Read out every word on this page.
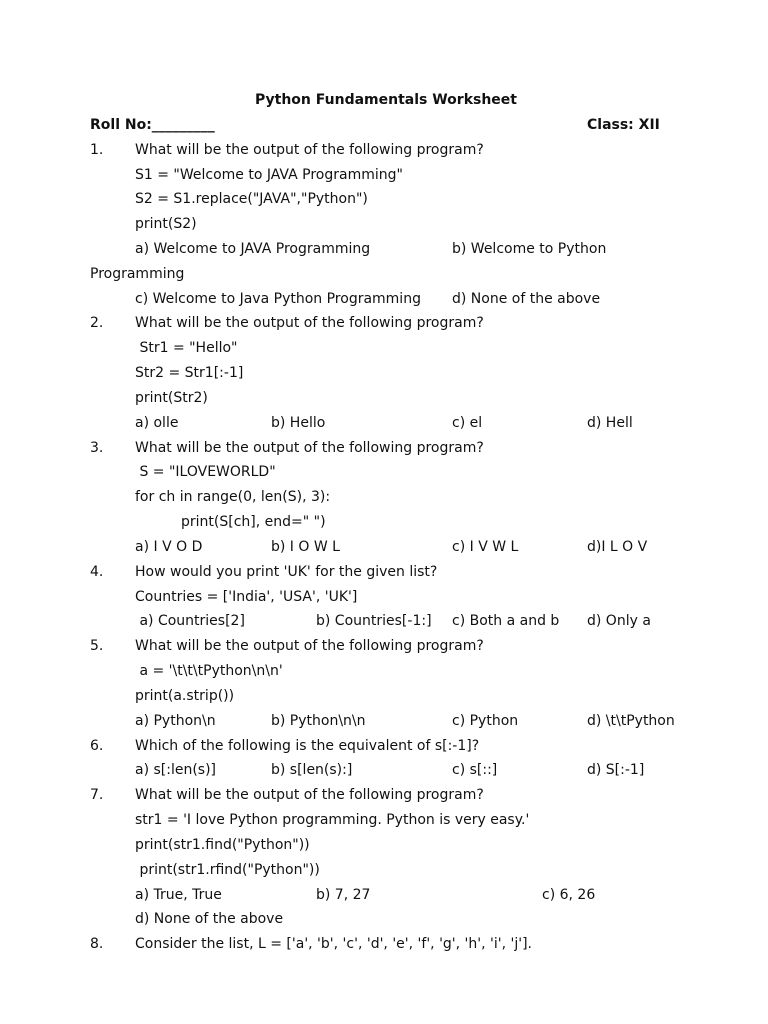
Python Fundamentals Worksheet
Roll No:_________	Class: XII
1. What will be the output of the following program?
S1 = "Welcome to JAVA Programming"
S2 = S1.replace("JAVA","Python")
print(S2)
a) Welcome to JAVA Programming	b) Welcome to Python
Programming
c) Welcome to Java Python Programming d) None of the above
2. What will be the output of the following program?
Str1 = "Hello"
Str2 = Str1[:-1]
print(Str2)
a) olle	b) Hello	c) el	d) Hell
3. What will be the output of the following program?
S = "ILOVEWORLD"
for ch in range(0, len(S), 3):
print(S[ch], end=" ")
a) I V O D	b) I O W L	c) I V W L	d)I L O V
4. How would you print 'UK' for the given list?
Countries = ['India', 'USA', 'UK']
a) Countries[2]	b) Countries[-1:] c) Both a and b d) Only a
5. What will be the output of the following program?
a = '\t\t\tPython\n\n'
print(a.strip())
a) Python\n	b) Python\n\n	c) Python	d) \t\tPython
6. Which of the following is the equivalent of s[:-1]?
a) s[:len(s)]	b) s[len(s):]	c) s[::]	d) S[:-1]
7. What will be the output of the following program?
str1 = 'I love Python programming. Python is very easy.'
print(str1.find("Python"))
print(str1.rfind("Python"))
a) True, True	b) 7, 27	c) 6, 26
d) None of the above
8. Consider the list, L = ['a', 'b', 'c', 'd', 'e', 'f', 'g', 'h', 'i', 'j'].
